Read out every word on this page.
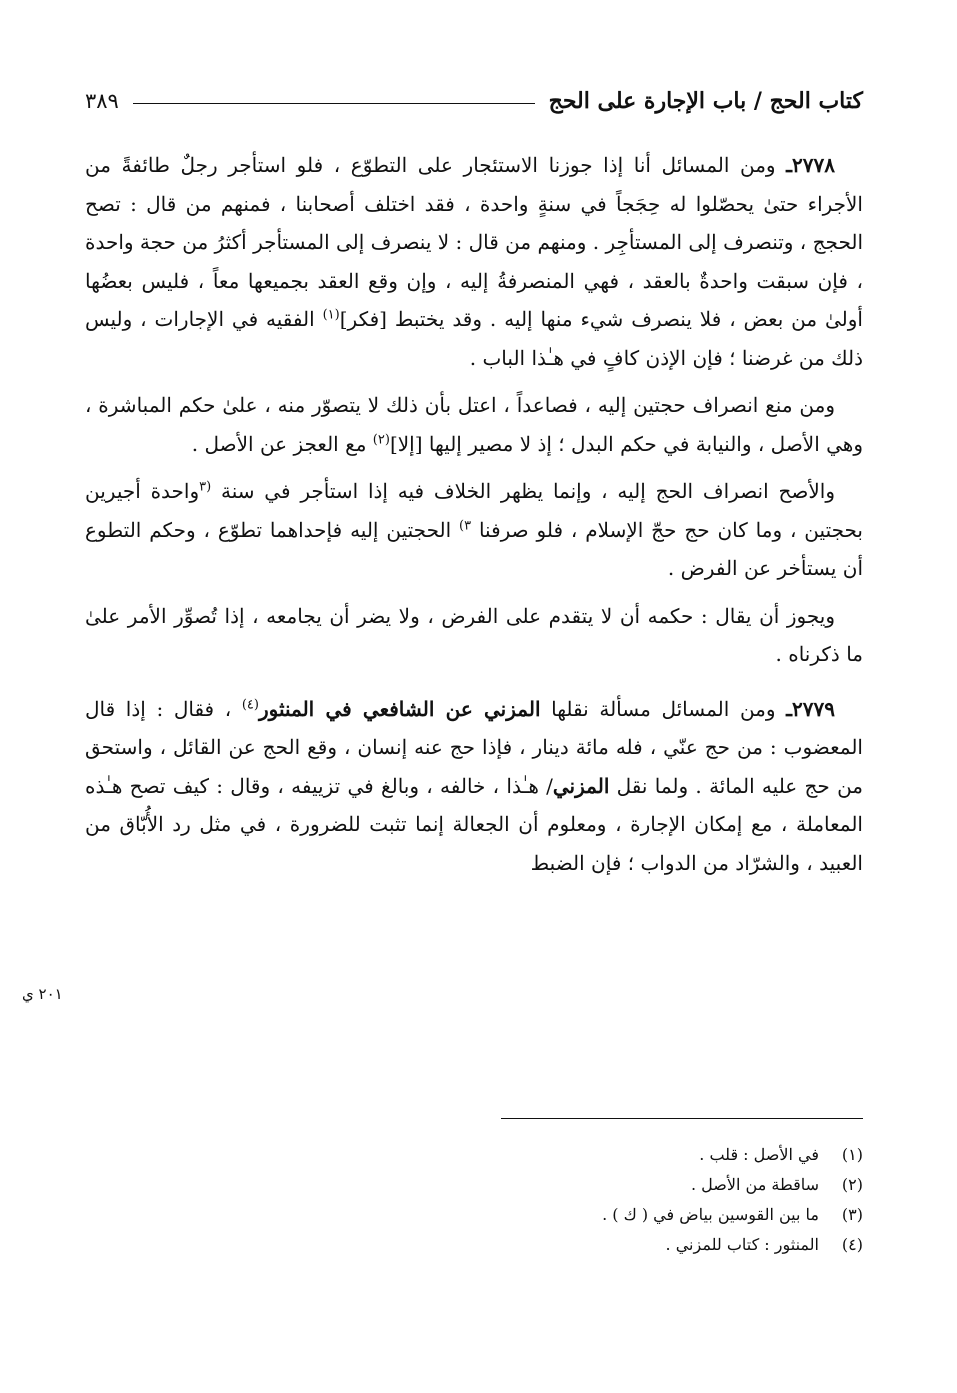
كتاب الحج / باب الإجارة على الحج
٣٨٩

٢٧٧٨ـ ومن المسائل أنا إذا جوزنا الاستئجار على التطوّع ، فلو استأجر رجلٌ طائفةً من الأجراء حتىٰ يحصّلوا له حِجَجاً في سنةٍ واحدة ، فقد اختلف أصحابنا ، فمنهم من قال : تصح الحجج ، وتنصرف إلى المستأجِر . ومنهم من قال : لا ينصرف إلى المستأجر أكثرُ من حجة واحدة ، فإن سبقت واحدةٌ بالعقد ، فهي المنصرفةُ إليه ، وإن وقع العقد بجميعها معاً ، فليس بعضُها أولىٰ من بعض ، فلا ينصرف شيء منها إليه . وقد يختبط [فكر]$^{(١)}$ الفقيه في الإجارات ، وليس ذلك من غرضنا ؛ فإن الإذن كافٍ في هـٰذا الباب .

ومن منع انصراف حجتين إليه ، فصاعداً ، اعتل بأن ذلك لا يتصوّر منه ، علىٰ حكم المباشرة ، وهي الأصل ، والنيابة في حكم البدل ؛ إذ لا مصير إليها [إلا]$^{(٢)}$ مع العجز عن الأصل .

والأصح انصراف الحج إليه ، وإنما يظهر الخلاف فيه إذا استأجر في سنة $^{(٣}$واحدة أجيرين بحجتين ، وما كان حج حجّ الإسلام ، فلو صرفنا $^{٣)}$ الحجتين إليه فإحداهما تطوّع ، وحكم التطوع أن يستأخر عن الفرض .

ويجوز أن يقال : حكمه أن لا يتقدم على الفرض ، ولا يضر أن يجامعه ، إذا تُصوِّر الأمر علىٰ ما ذكرناه .

٢٧٧٩ـ ومن المسائل مسألة نقلها المزني عن الشافعي في المنثور$^{(٤)}$ ، فقال : إذا قال المعضوب : من حج عنّي ، فله مائة دينار ، فإذا حج عنه إنسان ، وقع الحج عن القائل ، واستحق من حج عليه المائة . ولما نقل المزني/ هـٰذا ، خالفه ، وبالغ في تزييفه ، وقال : كيف تصح هـٰذه المعاملة ، مع إمكان الإجارة ، ومعلوم أن الجعالة إنما تثبت للضرورة ، في مثل رد الأُبّاق من العبيد ، والشرّاد من الدواب ؛ فإن الضبط

٢٠١ ي
(١)
في الأصل : قلب .
(٢)
ساقطة من الأصل .
(٣)
ما بين القوسين بياض في ( ك ) .
(٤)
المنثور : كتاب للمزني .
